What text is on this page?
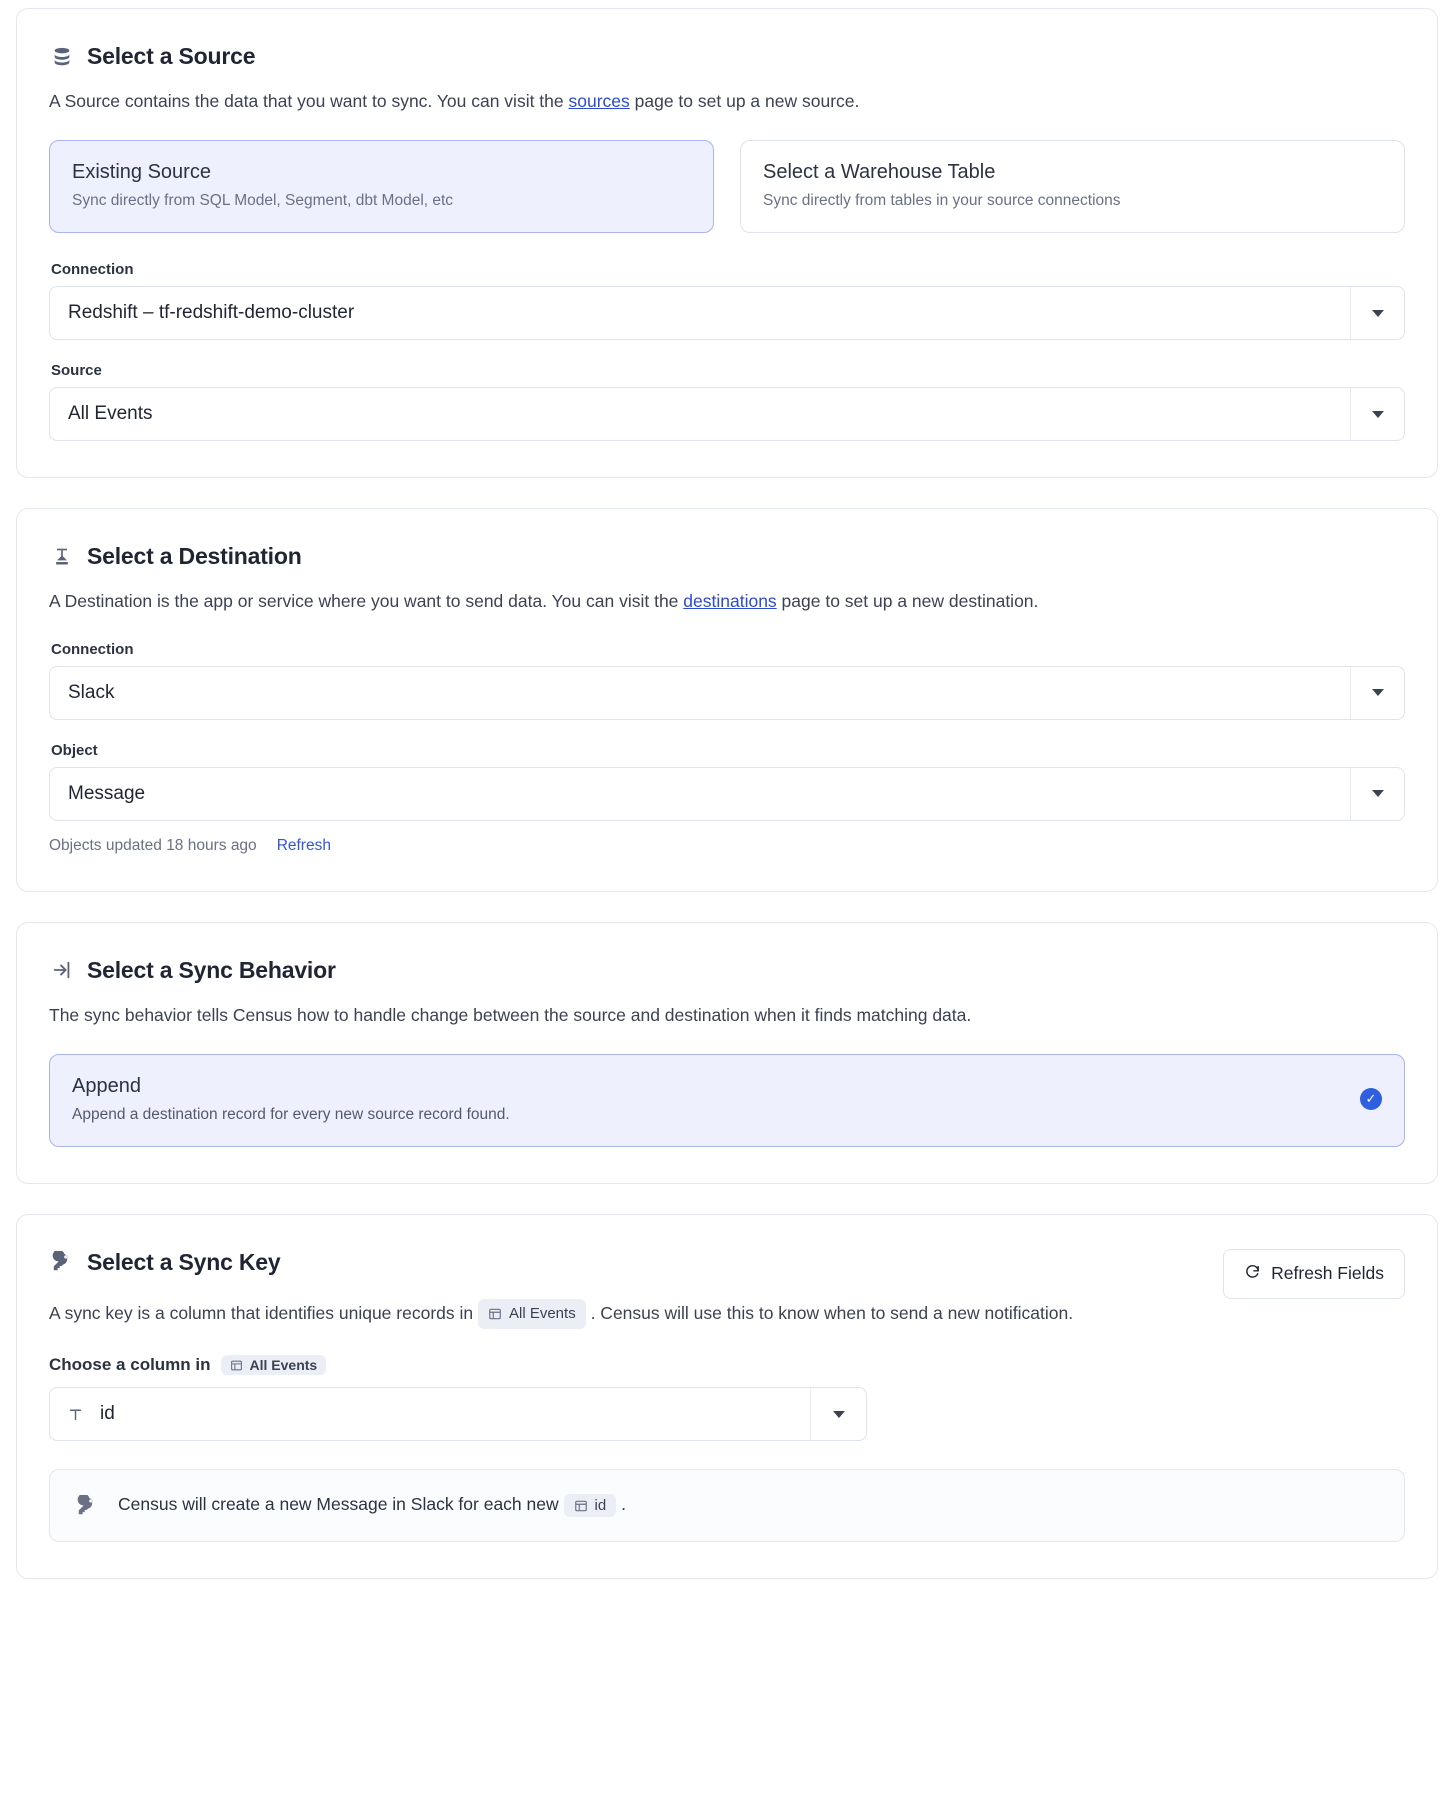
Select a Source

A Source contains the data that you want to sync. You can visit the sources page to set up a new source.

Existing Source
Sync directly from SQL Model, Segment, dbt Model, etc
Select a Warehouse Table
Sync directly from tables in your source connections
Connection
Redshift – tf-redshift-demo-cluster
Source
All Events
Select a Destination

A Destination is the app or service where you want to send data. You can visit the destinations page to set up a new destination.

Connection
Slack
Object
Message
Objects updated 18 hours ago Refresh
Select a Sync Behavior

The sync behavior tells Census how to handle change between the source and destination when it finds matching data.

Append
Append a destination record for every new source record found.
✓
Select a Sync Key	Refresh Fields

A sync key is a column that identifies unique records in All Events . Census will use this to know when to send a new notification.

Choose a column in	All Events
id
Census will create a new Message in Slack for each new id .
